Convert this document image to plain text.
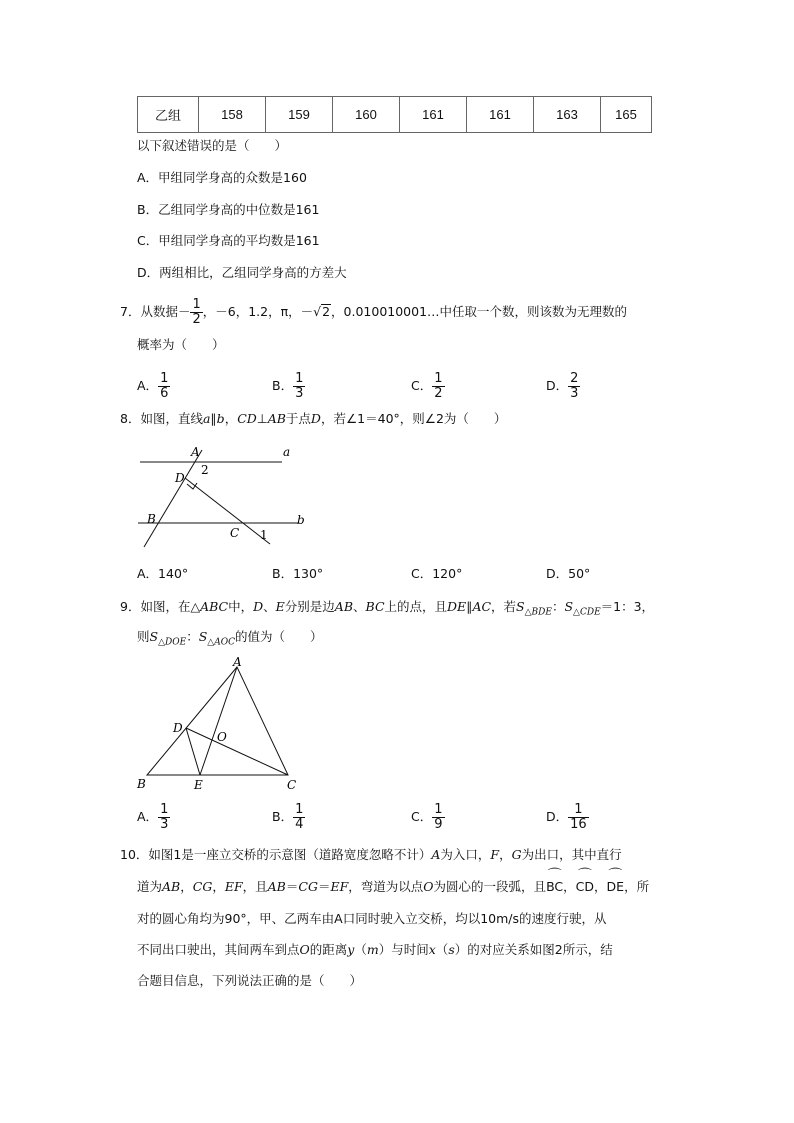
乙组	158	159	160	161	161	163	165
以下叙述错误的是（　　）
A．甲组同学身高的众数是160
B．乙组同学身高的中位数是161
C．甲组同学身高的平均数是161
D．两组相比，乙组同学身高的方差大
7．从数据－ $\frac{1}{2}$ ，－6，1.2，π，－√2，0.010010001…中任取一个数，则该数为无理数的
概率为（　　）
A． $\frac{1}{6}$	B． $\frac{1}{3}$	C． $\frac{1}{2}$	D． $\frac{2}{3}$
8．如图，直线a∥b，CD⊥AB于点D，若∠1＝40°，则∠2为（　　）
A
2
a
D
B
C 1
b
A．140°	B．130°	C．120°	D．50°
9．如图，在△ABC中，D、E分别是边AB、BC上的点，且DE∥AC，若$S_{\triangle BDE}$：$S_{\triangle CDE}=1$：3，
则$S_{\triangle DOE}$：$S_{\triangle AOC}$的值为（　　）
A
D
O
B	E	C
A． $\frac{1}{3}$	B． $\frac{1}{4}$	C． $\frac{1}{9}$	D． $\frac{1}{16}$
10．如图1是一座立交桥的示意图（道路宽度忽略不计）A为入口，F，G为出口，其中直行
道为AB，CG，EF，且AB＝CG＝EF，弯道为以点O为圆心的一段弧，且⌒ BC，⌒ CD，⌒ DE，所
对的圆心角均为90°，甲、乙两车由A口同时驶入立交桥，均以10m/s的速度行驶，从
不同出口驶出，其间两车到点O的距离y（m）与时间x（s）的对应关系如图2所示，结
合题目信息，下列说法正确的是（　　）
